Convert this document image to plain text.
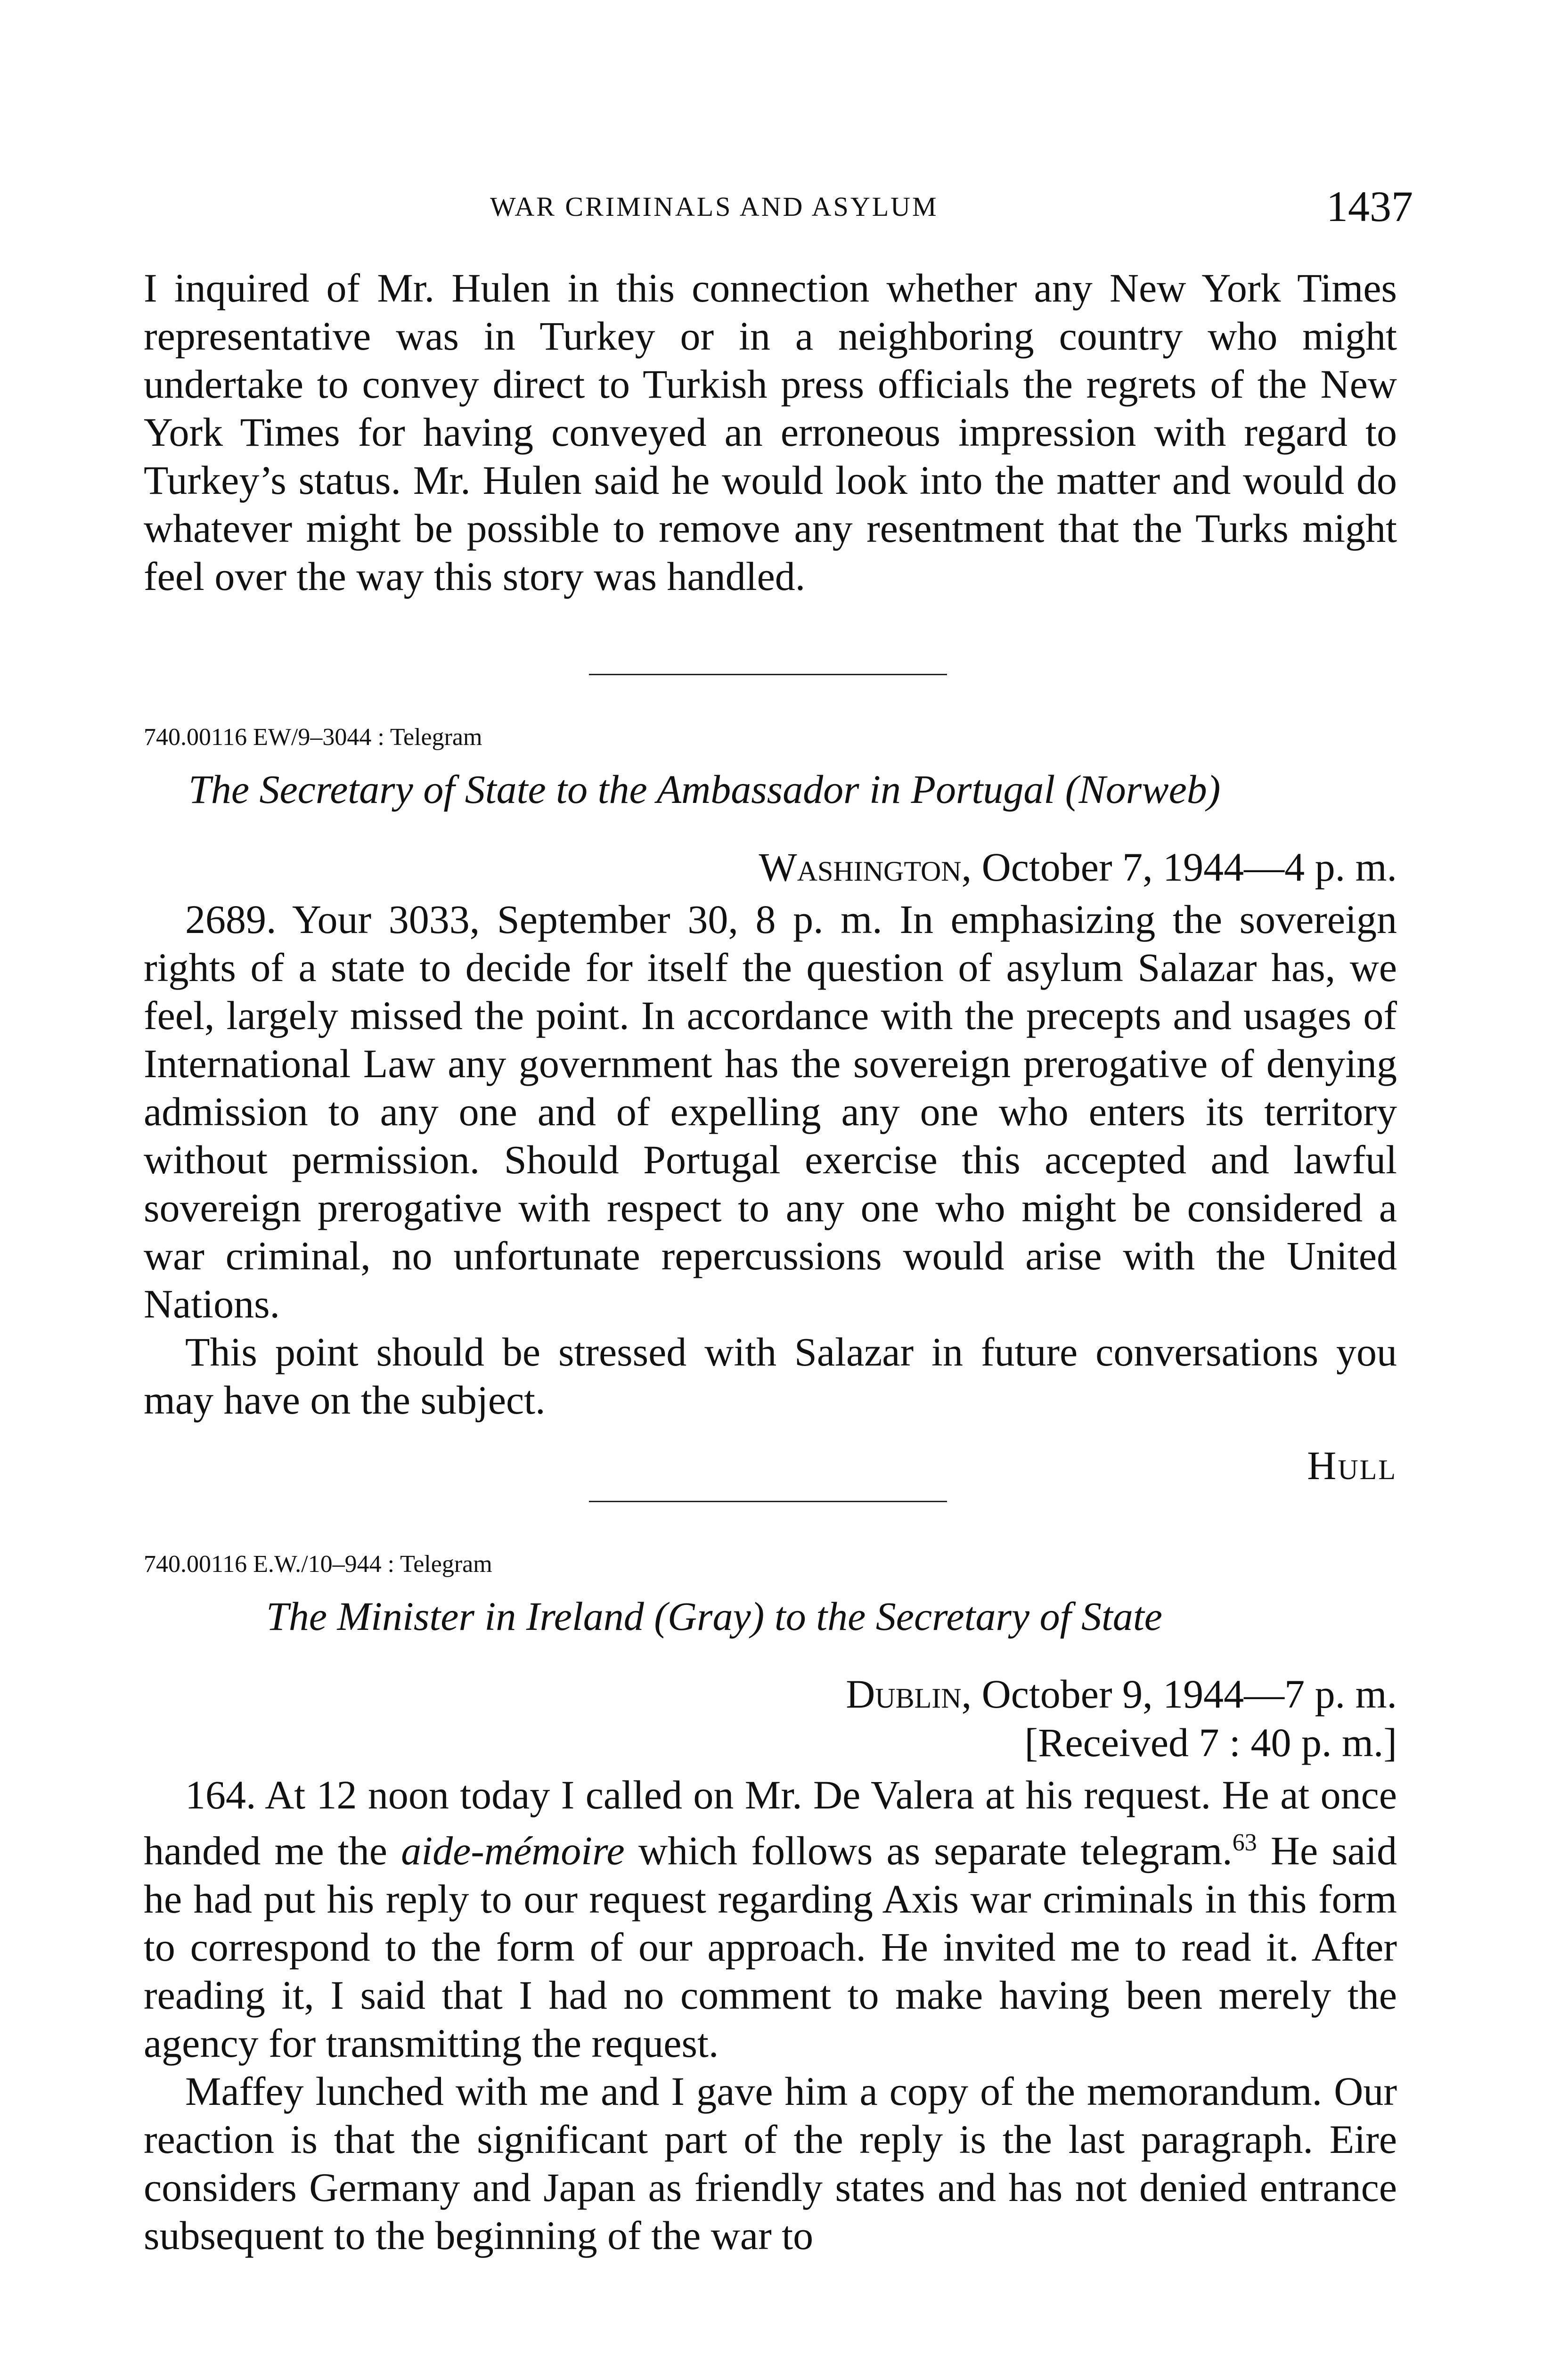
WAR CRIMINALS AND ASYLUM	1437

I inquired of Mr. Hulen in this connection whether any New York Times representative was in Turkey or in a neighboring country who might undertake to convey direct to Turkish press officials the regrets of the New York Times for having conveyed an erroneous impression with regard to Turkey’s status. Mr. Hulen said he would look into the matter and would do whatever might be possible to remove any resentment that the Turks might feel over the way this story was handled.

740.00116 EW/9–3044 : Telegram
The Secretary of State to the Ambassador in Portugal (Norweb)
Washington, October 7, 1944—4 p. m.

2689. Your 3033, September 30, 8 p. m. In emphasizing the sovereign rights of a state to decide for itself the question of asylum Salazar has, we feel, largely missed the point. In accordance with the precepts and usages of International Law any government has the sovereign prerogative of denying admission to any one and of expelling any one who enters its territory without permission. Should Portugal exercise this accepted and lawful sovereign prerogative with respect to any one who might be considered a war criminal, no unfortunate repercussions would arise with the United Nations.

This point should be stressed with Salazar in future conversations you may have on the subject.

Hull
740.00116 E.W./10–944 : Telegram
The Minister in Ireland (Gray) to the Secretary of State
Dublin, October 9, 1944—7 p. m.
[Received 7 : 40 p. m.]

164. At 12 noon today I called on Mr. De Valera at his request. He at once handed me the aide-mémoire which follows as separate telegram.$^{63}$ He said he had put his reply to our request regarding Axis war criminals in this form to correspond to the form of our approach. He invited me to read it. After reading it, I said that I had no comment to make having been merely the agency for transmitting the request.

Maffey lunched with me and I gave him a copy of the memorandum. Our reaction is that the significant part of the reply is the last paragraph. Eire considers Germany and Japan as friendly states and has not denied entrance subsequent to the beginning of the war to
